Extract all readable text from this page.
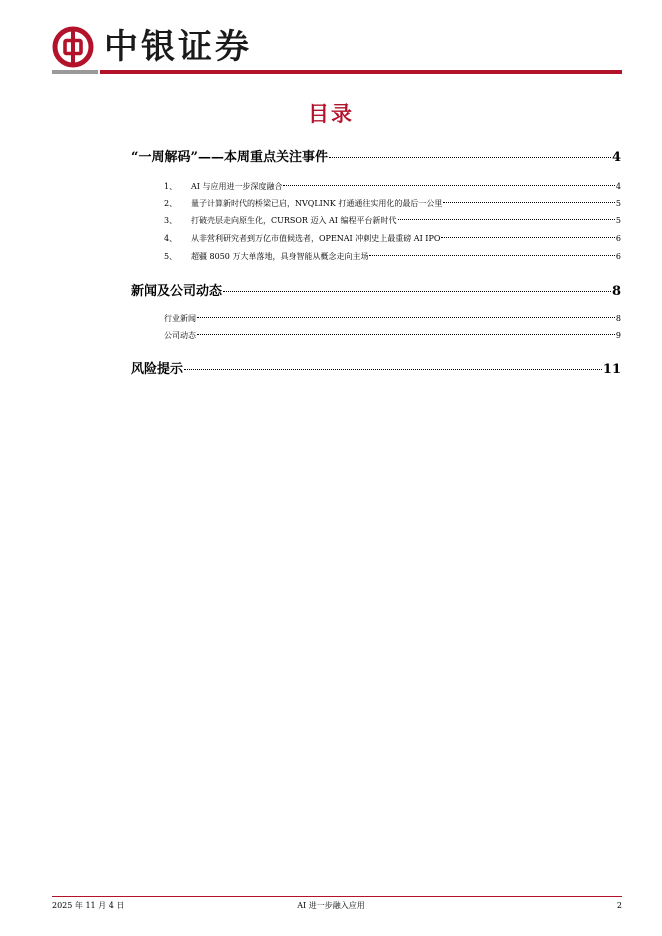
中银证券
目录
“一周解码”——本周重点关注事件	4
1、	AI 与应用进一步深度融合	4
2、	量子计算新时代的桥梁已启，NVQLINK 打通通往实用化的最后一公里	5
3、	打破壳层走向原生化，CURSOR 迈入 AI 编程平台新时代	5
4、	从非营利研究者到万亿市值候选者，OPENAI 冲刺史上最重磅 AI IPO	6
5、	超疆 8050 万大单落地，具身智能从概念走向主场	6
新闻及公司动态	8
行业新闻	8
公司动态	9
风险提示	11
2025 年 11 月 4 日	AI 进一步融入应用	2
